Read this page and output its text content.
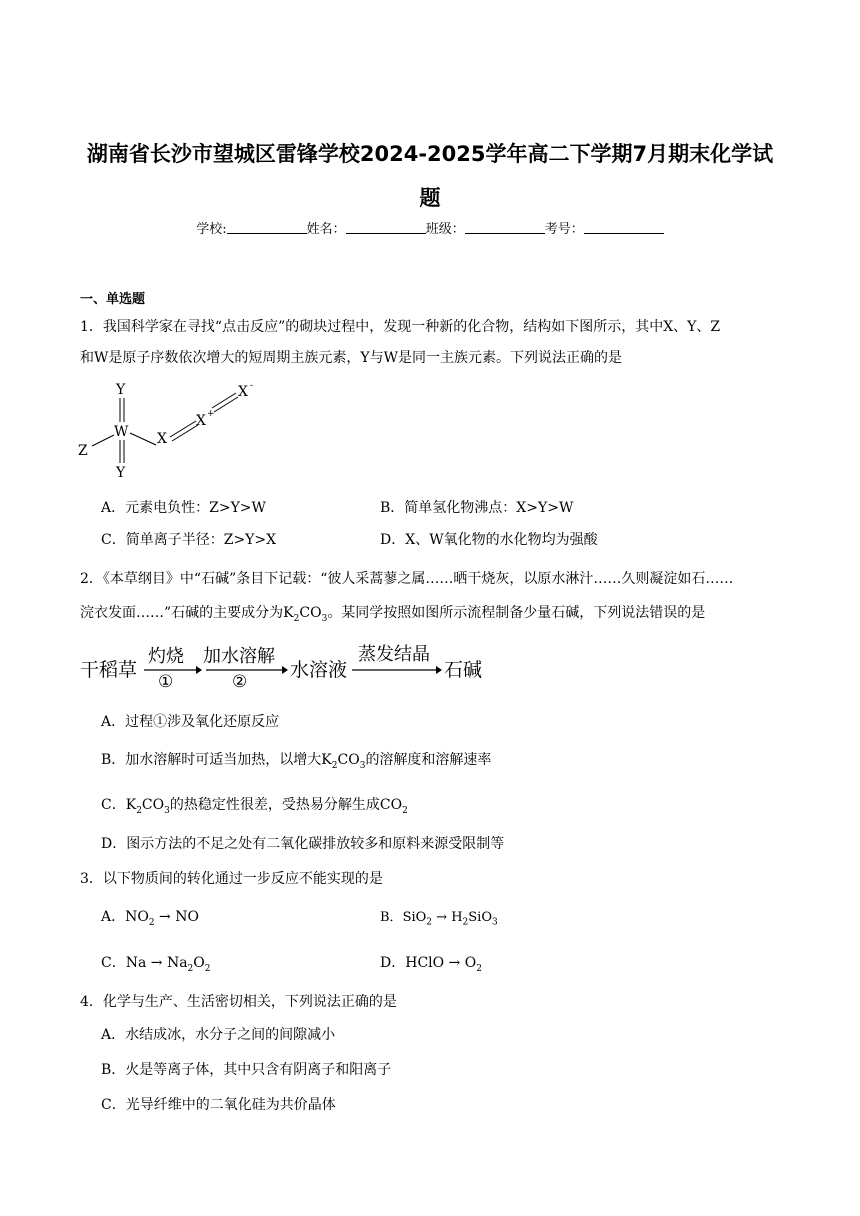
湖南省长沙市望城区雷锋学校2024-2025学年高二下学期7月期末化学试
题
学校:	姓名：	班级：	考号：
一、单选题
1．我国科学家在寻找“点击反应”的砌块过程中，发现一种新的化合物，结构如下图所示，其中X、Y、Z
和W是原子序数依次增大的短周期主族元素，Y与W是同一主族元素。下列说法正确的是
Y
W
Y
Z
X
X +
X -
A．元素电负性：Z>Y>W	B．简单氢化物沸点：X>Y>W
C．简单离子半径：Z>Y>X	D．X、W氧化物的水化物均为强酸
2．《本草纲目》中“石碱”条目下记载：“彼人采蒿蓼之属……晒干烧灰，以原水淋汁……久则凝淀如石……
浣衣发面……”石碱的主要成分为$K_2CO_3$。某同学按照如图所示流程制备少量石碱，下列说法错误的是
干稻草
灼烧
①
加水溶解
②
水溶液
蒸发结晶
石碱
A．过程①涉及氧化还原反应
B．加水溶解时可适当加热，以增大$K_2CO_3$的溶解度和溶解速率
C．$K_2CO_3$的热稳定性很差，受热易分解生成$CO_2$
D．图示方法的不足之处有二氧化碳排放较多和原料来源受限制等
3．以下物质间的转化通过一步反应不能实现的是
A．$NO_2$ → NO	B．$SiO_2 \to H_2SiO_3$
C．$Na \to Na_2O_2$	D．HClO → $O_2$
4．化学与生产、生活密切相关，下列说法正确的是
A．水结成冰，水分子之间的间隙减小
B．火是等离子体，其中只含有阴离子和阳离子
C．光导纤维中的二氧化硅为共价晶体
